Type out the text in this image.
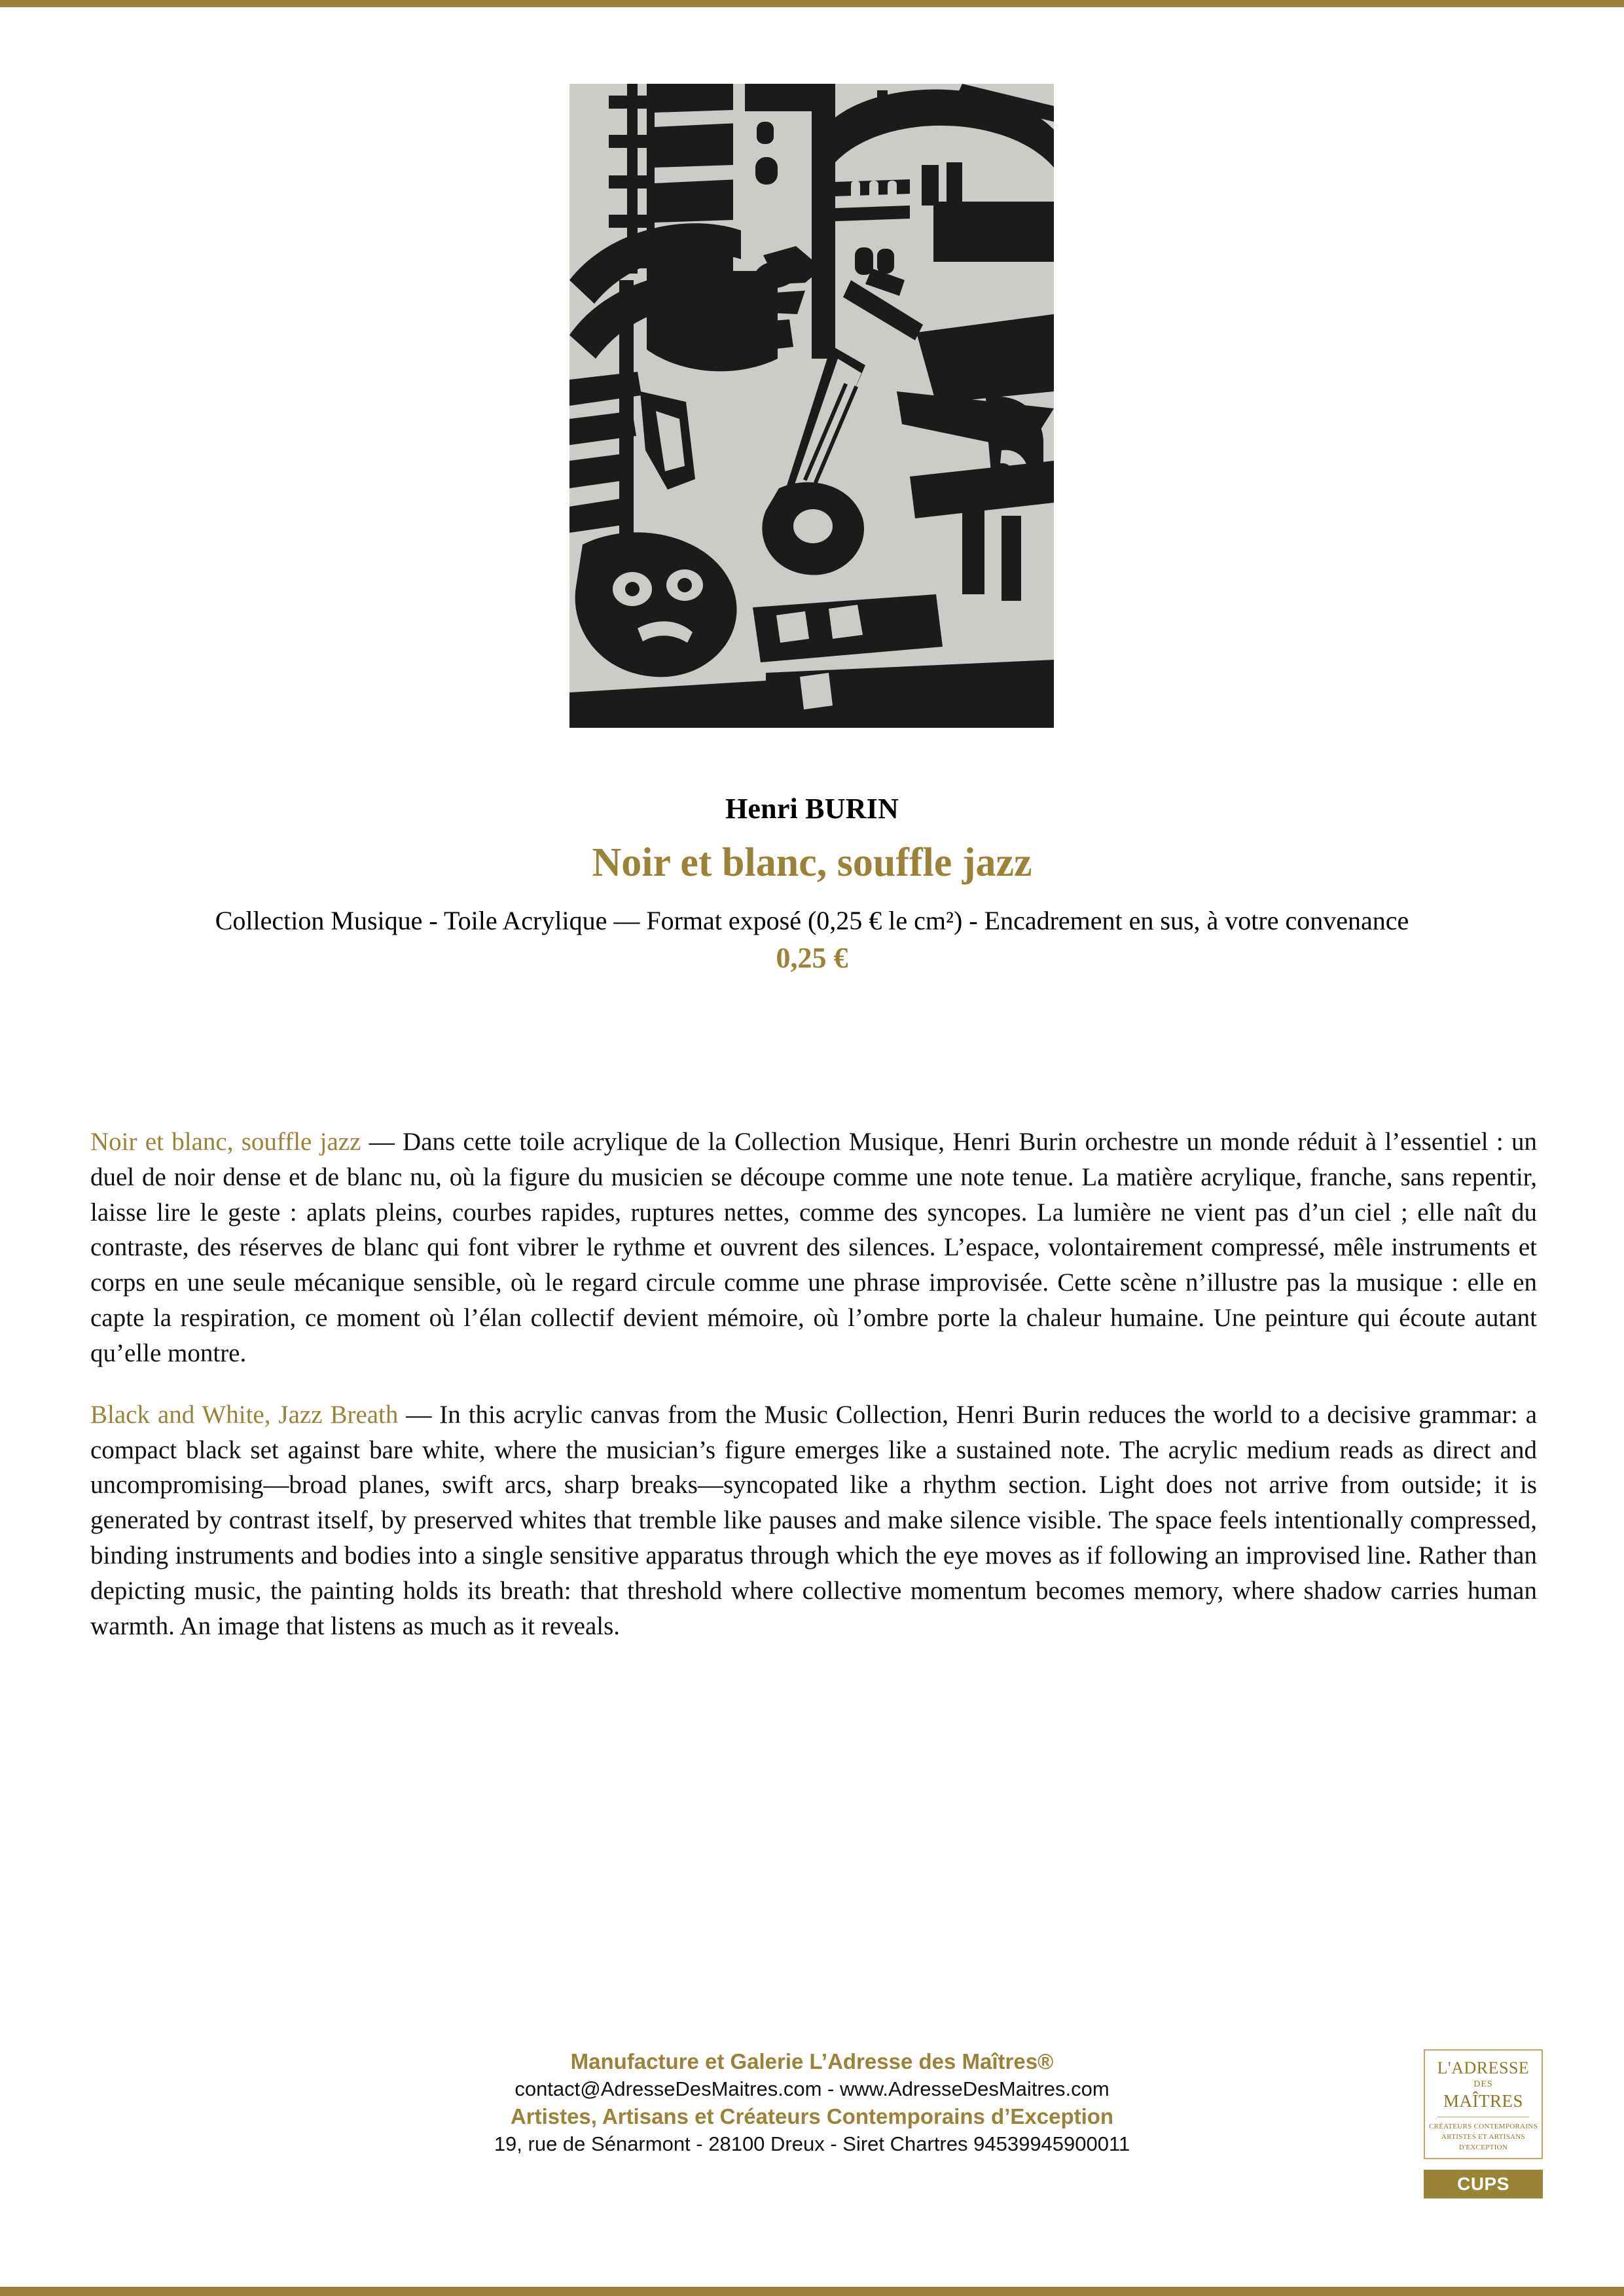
Henri BURIN
Noir et blanc, souffle jazz
Collection Musique - Toile Acrylique — Format exposé (0,25 € le cm²) - Encadrement en sus, à votre convenance
0,25 €

Noir et blanc, souffle jazz — Dans cette toile acrylique de la Collection Musique, Henri Burin orchestre un monde réduit à l’essentiel : un duel de noir dense et de blanc nu, où la figure du musicien se découpe comme une note tenue. La matière acrylique, franche, sans repentir, laisse lire le geste : aplats pleins, courbes rapides, ruptures nettes, comme des syncopes. La lumière ne vient pas d’un ciel ; elle naît du contraste, des réserves de blanc qui font vibrer le rythme et ouvrent des silences. L’espace, volontairement compressé, mêle instruments et corps en une seule mécanique sensible, où le regard circule comme une phrase improvisée. Cette scène n’illustre pas la musique : elle en capte la respiration, ce moment où l’élan collectif devient mémoire, où l’ombre porte la chaleur humaine. Une peinture qui écoute autant qu’elle montre.

Black and White, Jazz Breath — In this acrylic canvas from the Music Collection, Henri Burin reduces the world to a decisive grammar: a compact black set against bare white, where the musician’s figure emerges like a sustained note. The acrylic medium reads as direct and uncompromising—broad planes, swift arcs, sharp breaks—syncopated like a rhythm section. Light does not arrive from outside; it is generated by contrast itself, by preserved whites that tremble like pauses and make silence visible. The space feels intentionally compressed, binding instruments and bodies into a single sensitive apparatus through which the eye moves as if following an improvised line. Rather than depicting music, the painting holds its breath: that threshold where collective momentum becomes memory, where shadow carries human warmth. An image that listens as much as it reveals.

Manufacture et Galerie L’Adresse des Maîtres®
contact@AdresseDesMaitres.com - www.AdresseDesMaitres.com
Artistes, Artisans et Créateurs Contemporains d’Exception
19, rue de Sénarmont - 28100 Dreux - Siret Chartres 94539945900011
L'ADRESSE
DES
MAÎTRES
CRÉATEURS CONTEMPORAINS
ARTISTES ET ARTISANS
D'EXCEPTION
CUPS
